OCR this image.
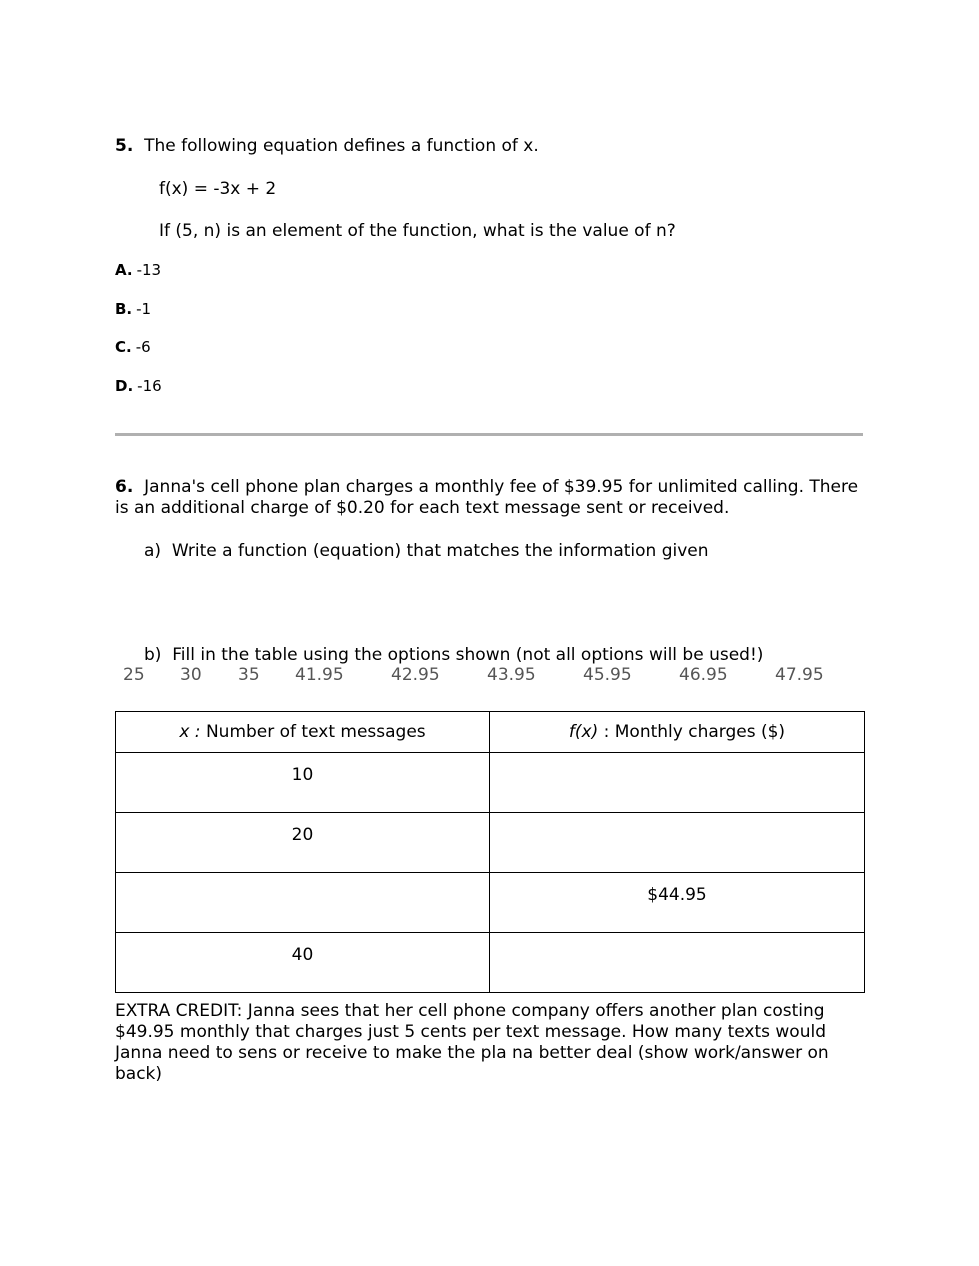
5. The following equation defines a function of x.
f(x) = -3x + 2
If (5, n) is an element of the function, what is the value of n?
A. -13
B. -1
C. -6
D. -16
6. Janna's cell phone plan charges a monthly fee of $39.95 for unlimited calling. There is an additional charge of $0.20 for each text message sent or received.
a) Write a function (equation) that matches the information given
b) Fill in the table using the options shown (not all options will be used!)
25 30 35 41.95	42.95	43.95	45.95	46.95	47.95
x : Number of text messages	f(x) : Monthly charges ($)
10	
20	
	$44.95
40	
EXTRA CREDIT: Janna sees that her cell phone company offers another plan costing $49.95 monthly that charges just 5 cents per text message. How many texts would Janna need to sens or receive to make the pla na better deal (show work/answer on back)
